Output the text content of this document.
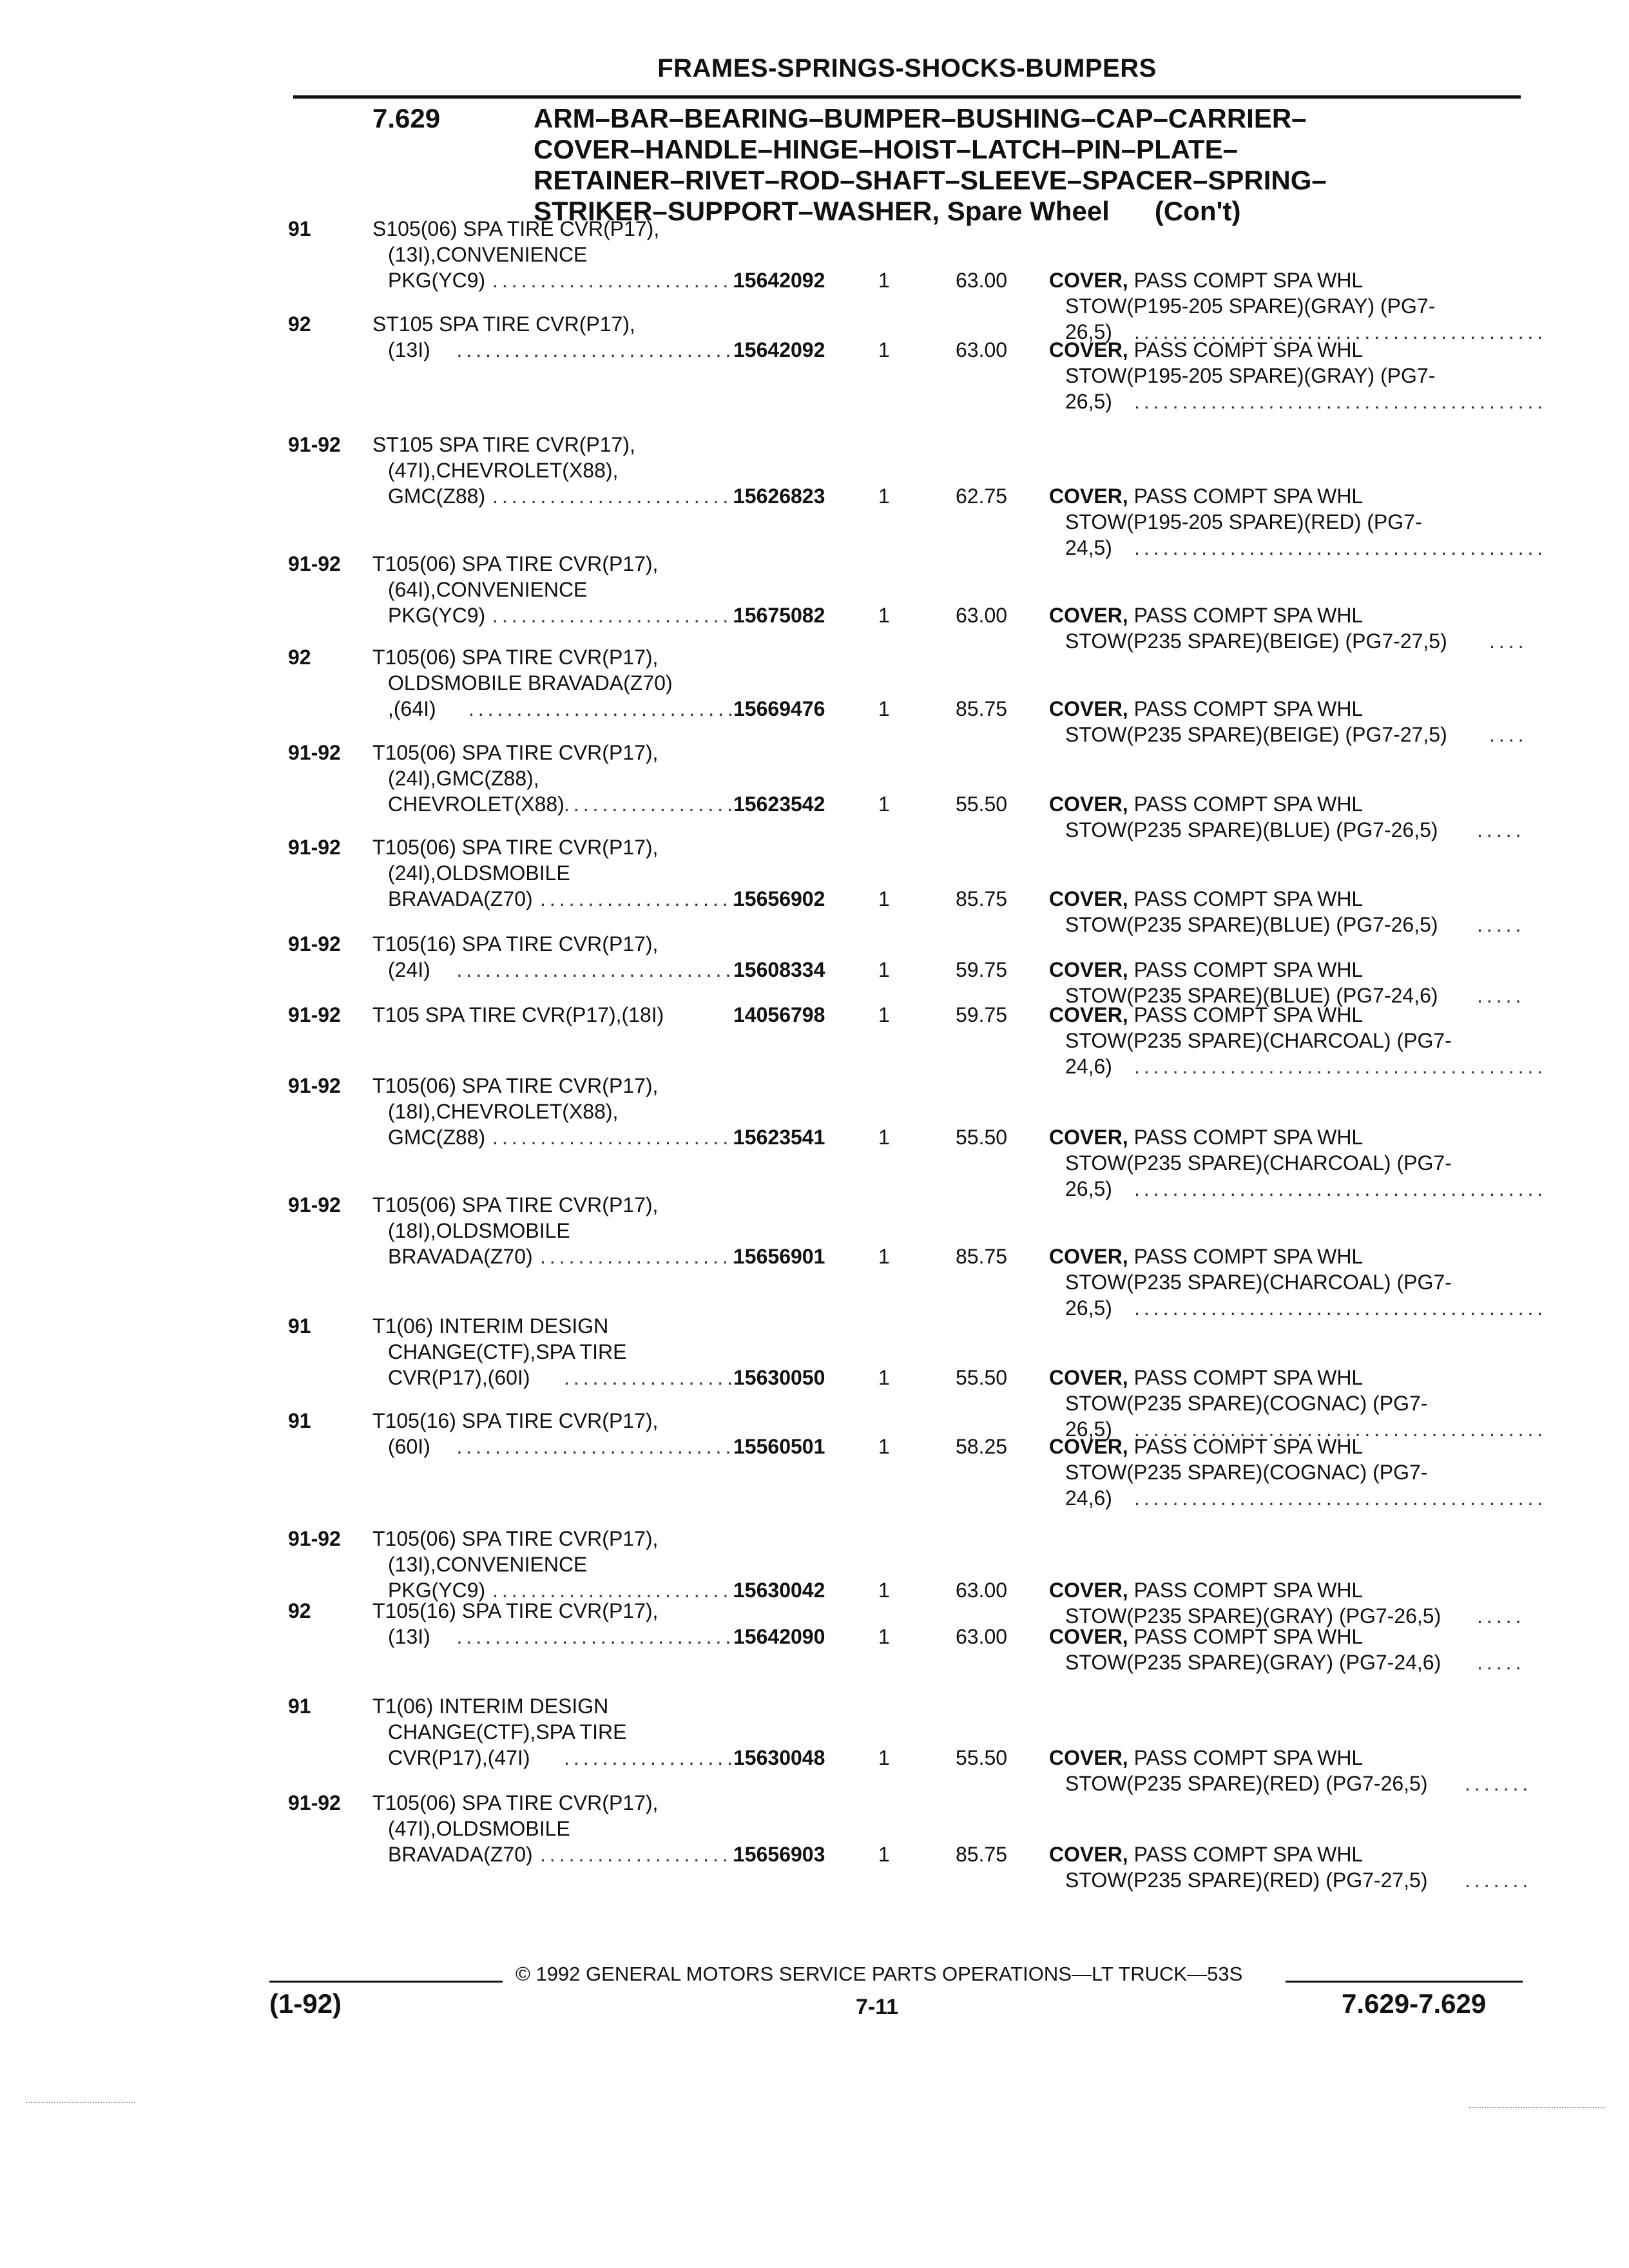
FRAMES-SPRINGS-SHOCKS-BUMPERS
7.629	ARM–BAR–BEARING–BUMPER–BUSHING–CAP–CARRIER–
COVER–HANDLE–HINGE–HOIST–LATCH–PIN–PLATE–
RETAINER–RIVET–ROD–SHAFT–SLEEVE–SPACER–SPRING–
STRIKER–SUPPORT–WASHER, Spare Wheel (Con't)
91	S105(06) SPA TIRE CVR(P17),
(13I),CONVENIENCE
PKG(YC9) ..........................
15642092	1	63.00 COVER, PASS COMPT SPA WHL
STOW(P195-205 SPARE)(GRAY) (PG7-
26,5) ...........................................
92	ST105 SPA TIRE CVR(P17),
(13I) ..............................
15642092	1	63.00 COVER, PASS COMPT SPA WHL
STOW(P195-205 SPARE)(GRAY) (PG7-
26,5) ...........................................
91-92 ST105 SPA TIRE CVR(P17),
(47I),CHEVROLET(X88),
GMC(Z88) ..........................
15626823	1	62.75 COVER, PASS COMPT SPA WHL
STOW(P195-205 SPARE)(RED) (PG7-
24,5) ...........................................
91-92 T105(06) SPA TIRE CVR(P17),
(64I),CONVENIENCE
PKG(YC9) ..........................
15675082	1	63.00 COVER, PASS COMPT SPA WHL
STOW(P235 SPARE)(BEIGE) (PG7-27,5) ....
92	T105(06) SPA TIRE CVR(P17),
OLDSMOBILE BRAVADA(Z70)
,(64I) .............................
15669476	1	85.75 COVER, PASS COMPT SPA WHL
STOW(P235 SPARE)(BEIGE) (PG7-27,5) ....
91-92 T105(06) SPA TIRE CVR(P17),
(24I),GMC(Z88),
CHEVROLET(X88) ...................
15623542	1	55.50 COVER, PASS COMPT SPA WHL
STOW(P235 SPARE)(BLUE) (PG7-26,5) .....
91-92 T105(06) SPA TIRE CVR(P17),
(24I),OLDSMOBILE
BRAVADA(Z70) .....................
15656902	1	85.75 COVER, PASS COMPT SPA WHL
STOW(P235 SPARE)(BLUE) (PG7-26,5) .....
91-92 T105(16) SPA TIRE CVR(P17),
(24I) ..............................
15608334	1	59.75 COVER, PASS COMPT SPA WHL
STOW(P235 SPARE)(BLUE) (PG7-24,6) .....
91-92 T105 SPA TIRE CVR(P17),(18I)	14056798	1	59.75 COVER, PASS COMPT SPA WHL
STOW(P235 SPARE)(CHARCOAL) (PG7-
24,6) ...........................................
91-92 T105(06) SPA TIRE CVR(P17),
(18I),CHEVROLET(X88),
GMC(Z88) ..........................
15623541	1	55.50 COVER, PASS COMPT SPA WHL
STOW(P235 SPARE)(CHARCOAL) (PG7-
26,5) ...........................................
91-92 T105(06) SPA TIRE CVR(P17),
(18I),OLDSMOBILE
BRAVADA(Z70) .....................
15656901	1	85.75 COVER, PASS COMPT SPA WHL
STOW(P235 SPARE)(CHARCOAL) (PG7-
26,5) ...........................................
91	T1(06) INTERIM DESIGN
CHANGE(CTF),SPA TIRE
CVR(P17),(60I) ...................
15630050	1	55.50 COVER, PASS COMPT SPA WHL
STOW(P235 SPARE)(COGNAC) (PG7-
26,5) ...........................................
91	T105(16) SPA TIRE CVR(P17),
(60I) ..............................
15560501	1	58.25 COVER, PASS COMPT SPA WHL
STOW(P235 SPARE)(COGNAC) (PG7-
24,6) ...........................................
91-92 T105(06) SPA TIRE CVR(P17),
(13I),CONVENIENCE
PKG(YC9) ..........................
15630042	1	63.00 COVER, PASS COMPT SPA WHL
STOW(P235 SPARE)(GRAY) (PG7-26,5) .....
92	T105(16) SPA TIRE CVR(P17),
(13I) ..............................
15642090	1	63.00 COVER, PASS COMPT SPA WHL
STOW(P235 SPARE)(GRAY) (PG7-24,6) .....
91	T1(06) INTERIM DESIGN
CHANGE(CTF),SPA TIRE
CVR(P17),(47I) ...................
15630048	1	55.50 COVER, PASS COMPT SPA WHL
STOW(P235 SPARE)(RED) (PG7-26,5) .......
91-92 T105(06) SPA TIRE CVR(P17),
(47I),OLDSMOBILE
BRAVADA(Z70) .....................
15656903	1	85.75 COVER, PASS COMPT SPA WHL
STOW(P235 SPARE)(RED) (PG7-27,5) .......
© 1992 GENERAL MOTORS SERVICE PARTS OPERATIONS—LT TRUCK—53S
(1-92)	7-11	7.629-7.629
